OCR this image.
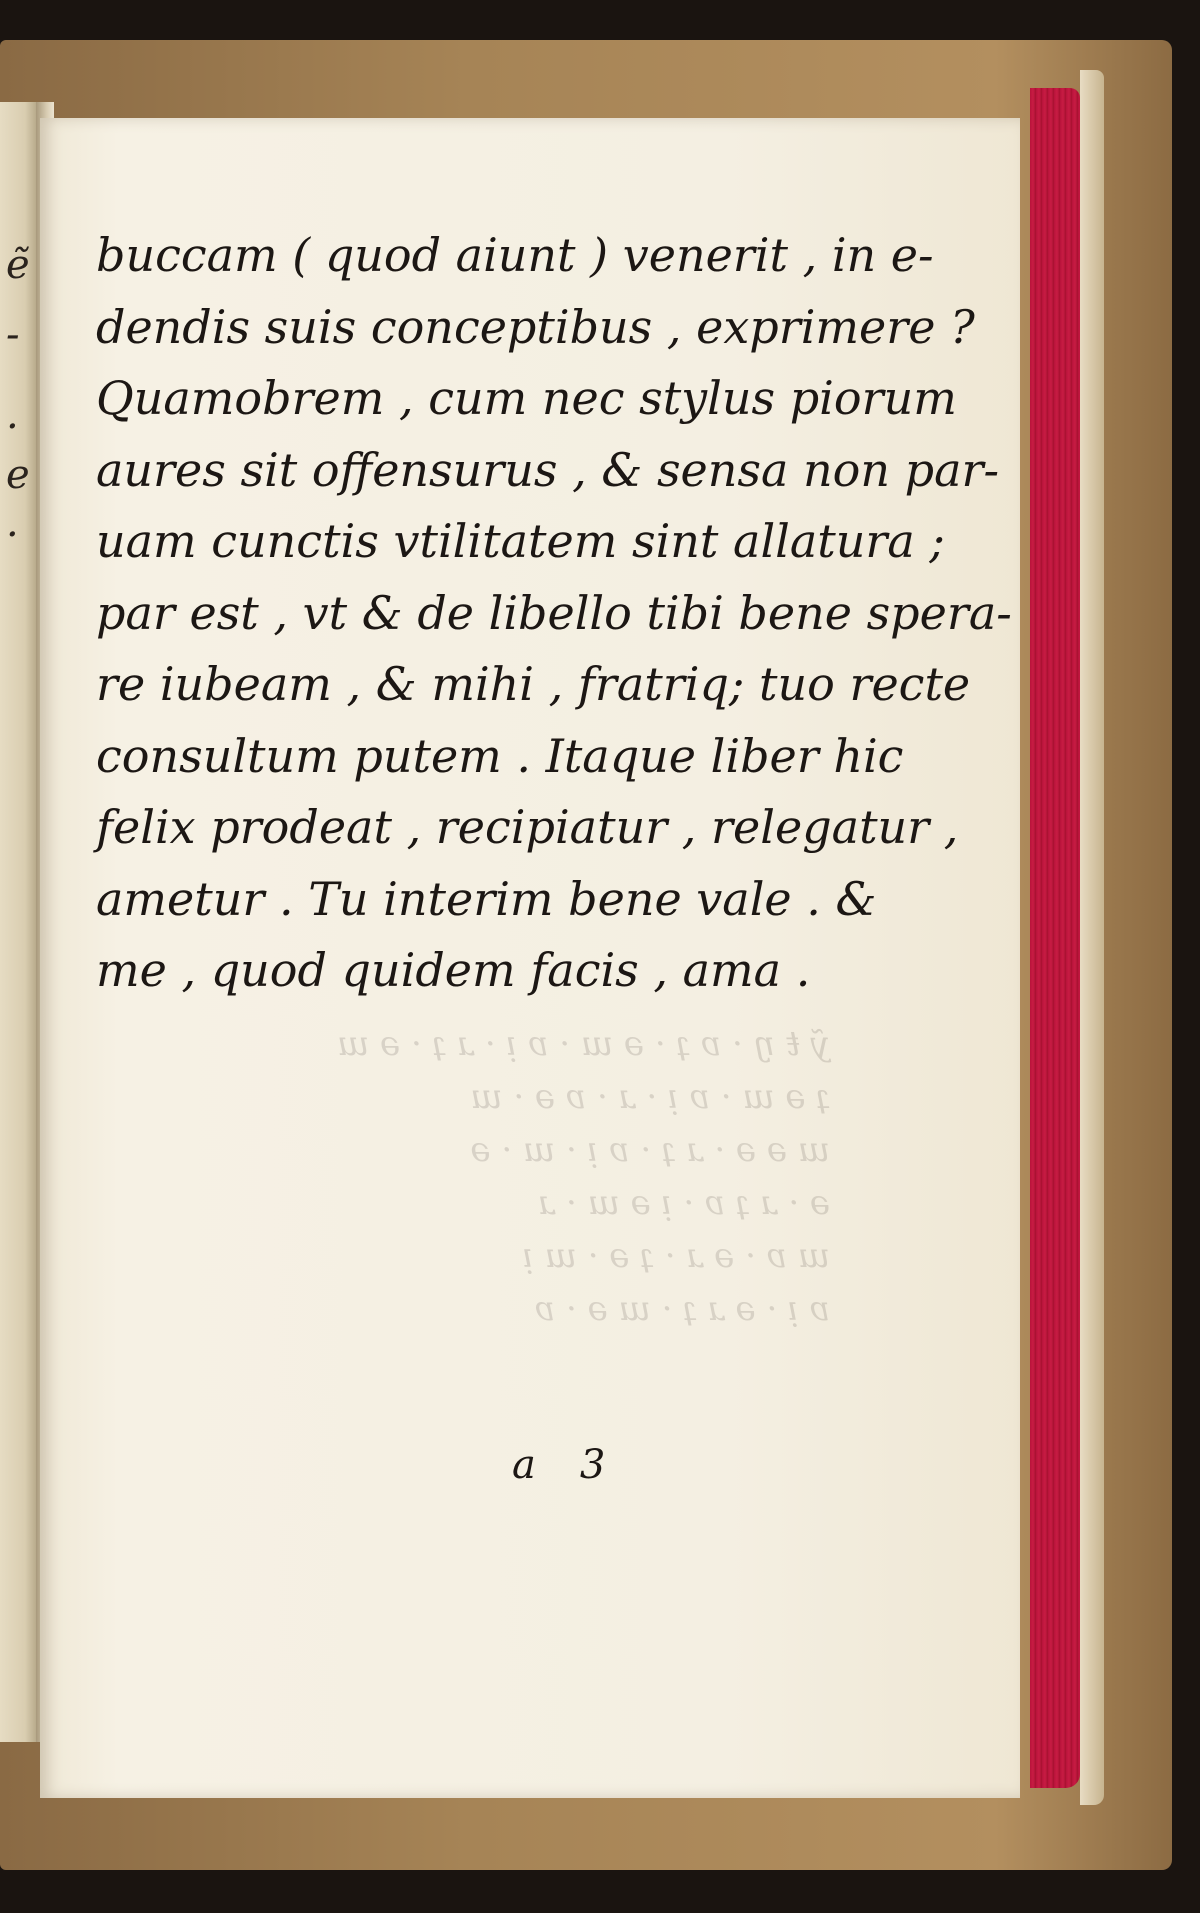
ẽ
-
.
e
·
ỹ ŧ ŋ · ɐ ʇ · ǝ ɯ · ɐ ᴉ · ɹ ʇ · ǝ ɯ
ʇ ǝ ɯ · ɐ ᴉ · ɹ · ɐ ǝ · ɯ
ɯ ǝ ǝ · ɹ ʇ · ɐ ᴉ · ɯ · ǝ
ǝ · ɹ ʇ ɐ · ᴉ ǝ ɯ · ɹ
ɯ ɐ · ǝ ɹ · ʇ ǝ · ɯ ᴉ
ɐ ᴉ · ǝ ɹ ʇ · ɯ ǝ · ɐ
buccam ( quod aiunt ) venerit , in e-
dendis suis conceptibus , exprimere ?
Quamobrem , cum nec stylus piorum
aures sit offensurus , & sensa non par-
uam cunctis vtilitatem sint allatura ;
par est , vt & de libello tibi bene spera-
re iubeam , & mihi , fratriq; tuo recte
consultum putem . Itaque liber hic
felix prodeat , recipiatur , relegatur ,
ametur . Tu interim bene vale . &
me , quod quidem facis , ama .
a 3
